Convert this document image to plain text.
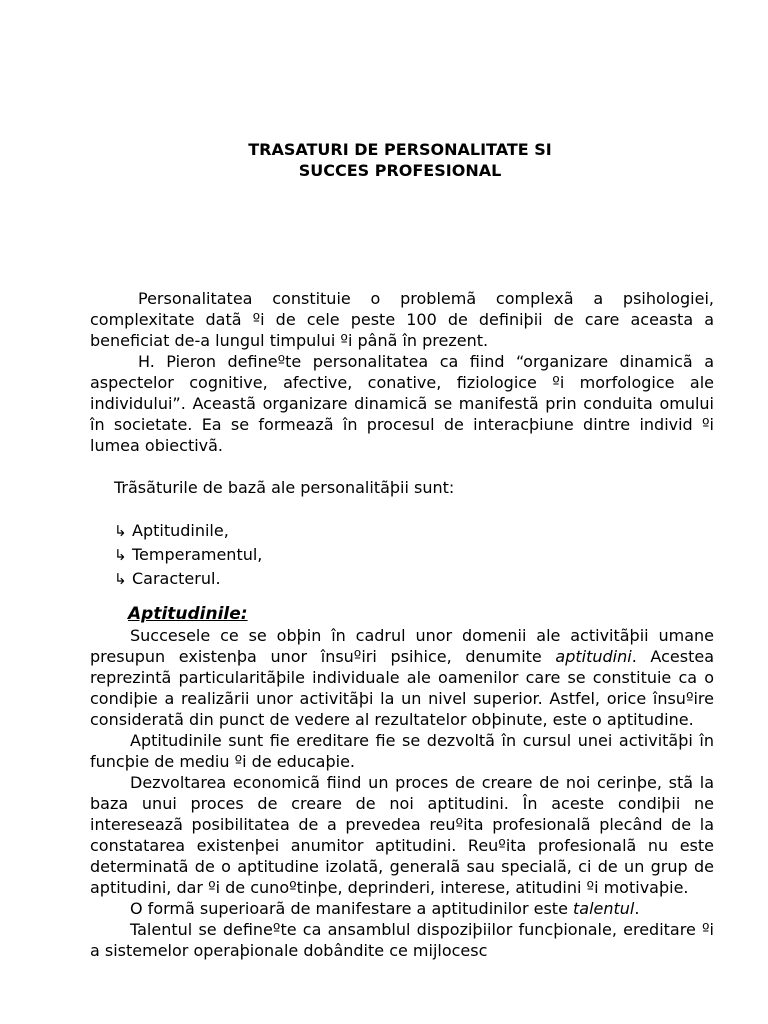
TRASATURI DE PERSONALITATE SI
SUCCES PROFESIONAL

Personalitatea constituie o problemã complexã a psihologiei, complexitate datã ºi de cele peste 100 de definiþii de care aceasta a beneficiat de-a lungul timpului ºi pânã în prezent.

H. Pieron defineºte personalitatea ca fiind “organizare dinamicã a aspectelor cognitive, afective, conative, fiziologice ºi morfologice ale individului”. Aceastã organizare dinamicã se manifestã prin conduita omului în societate. Ea se formeazã în procesul de interacþiune dintre individ ºi lumea obiectivã.

Trãsãturile de bazã ale personalitãþii sunt:

↳ Aptitudinile,
↳ Temperamentul,
↳ Caracterul.

Aptitudinile:

Succesele ce se obþin în cadrul unor domenii ale activitãþii umane presupun existenþa unor însuºiri psihice, denumite aptitudini. Acestea reprezintã particularitãþile individuale ale oamenilor care se constituie ca o condiþie a realizãrii unor activitãþi la un nivel superior. Astfel, orice însuºire consideratã din punct de vedere al rezultatelor obþinute, este o aptitudine.

Aptitudinile sunt fie ereditare fie se dezvoltã în cursul unei activitãþi în funcþie de mediu ºi de educaþie.

Dezvoltarea economicã fiind un proces de creare de noi cerinþe, stã la baza unui proces de creare de noi aptitudini. În aceste condiþii ne intereseazã posibilitatea de a prevedea reuºita profesionalã plecând de la constatarea existenþei anumitor aptitudini. Reuºita profesionalã nu este determinatã de o aptitudine izolatã, generalã sau specialã, ci de un grup de aptitudini, dar ºi de cunoºtinþe, deprinderi, interese, atitudini ºi motivaþie.

O formã superioarã de manifestare a aptitudinilor este talentul.

Talentul se defineºte ca ansamblul dispoziþiilor funcþionale, ereditare ºi a sistemelor operaþionale dobândite ce mijlocesc
